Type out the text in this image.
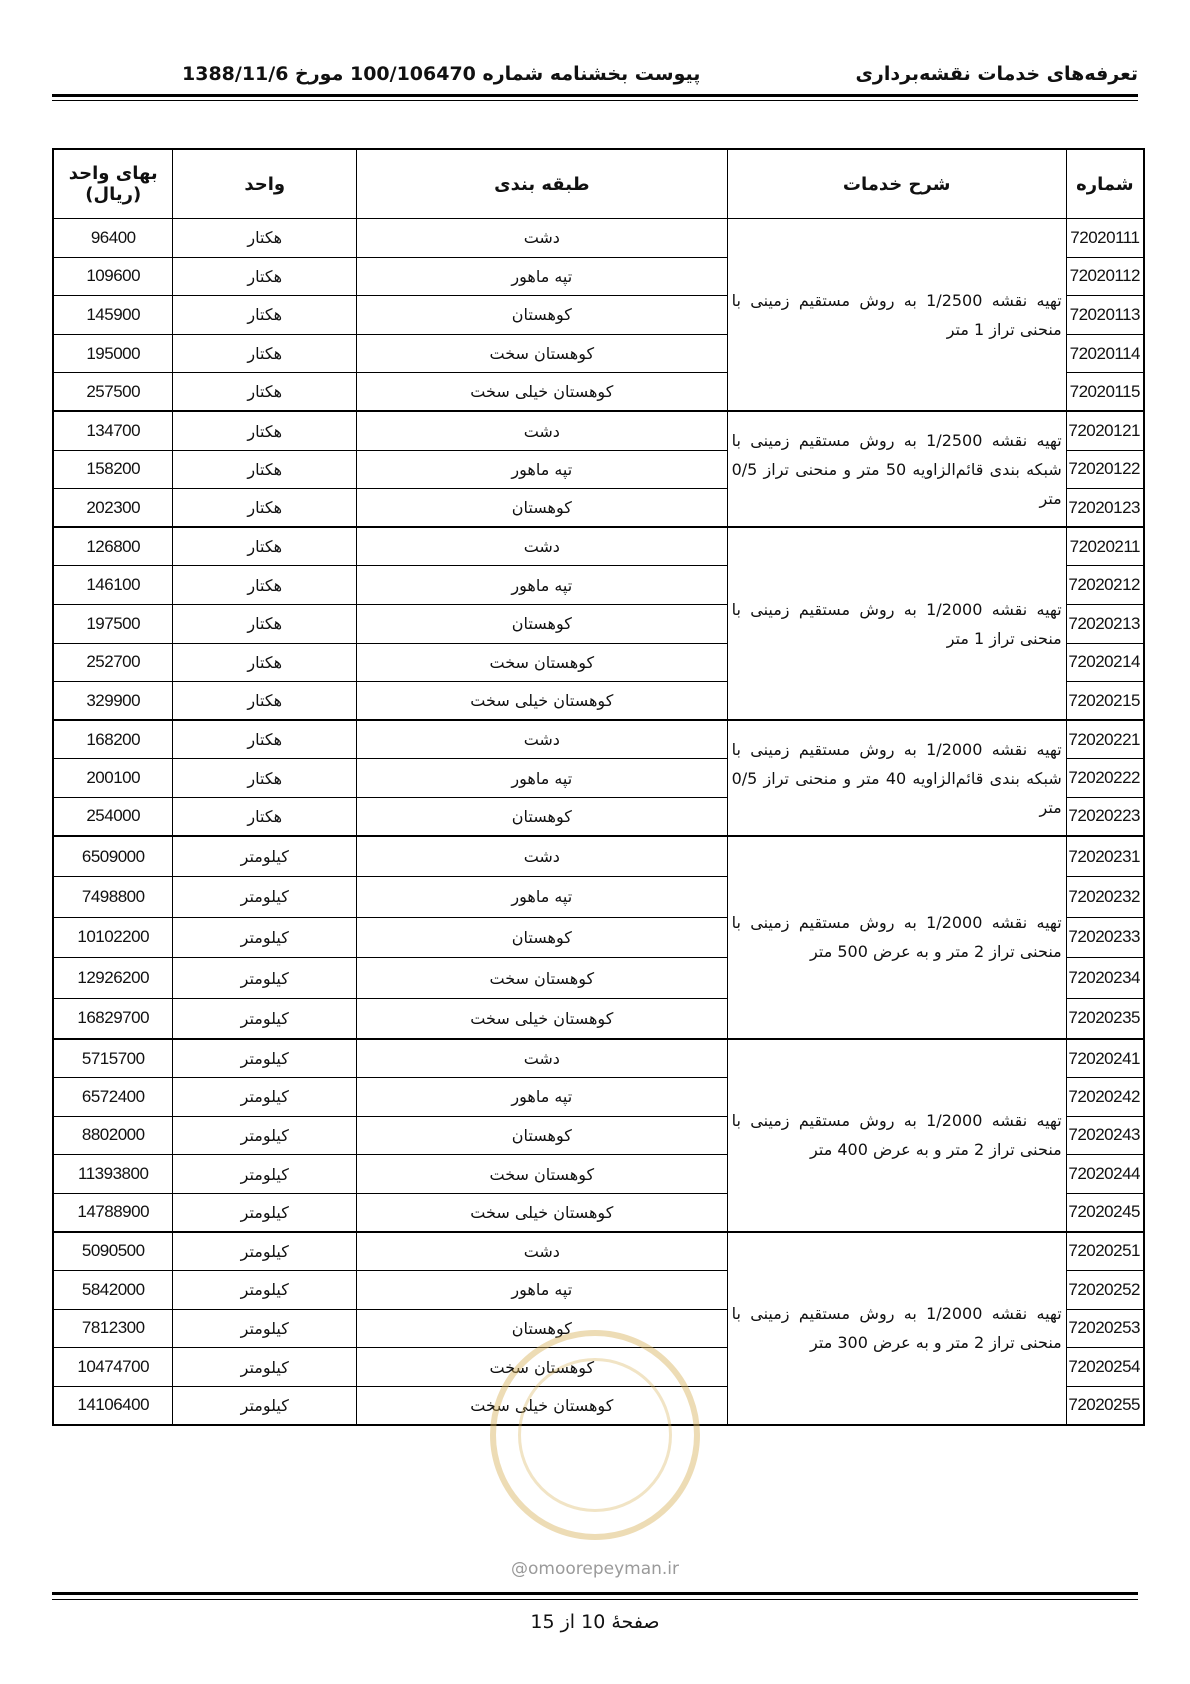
تعرفه‌های خدمات نقشه‌برداری
پیوست بخشنامه شماره 100/106470 مورخ 1388/11/6
شماره	شرح خدمات	طبقه بندی	واحد	بهای واحد
(ریال)

72020111	تهیه نقشه 1/2500 به روش مستقیم زمینی با منحنی تراز 1 متر	دشت	هکتار	96400
72020112		تپه ماهور	هکتار	109600
72020113		کوهستان	هکتار	145900
72020114		کوهستان سخت	هکتار	195000
72020115		کوهستان خیلی سخت	هکتار	257500
72020121	تهیه نقشه 1/2500 به روش مستقیم زمینی با شبکه بندی قائم‌الزاویه 50 متر و منحنی تراز 0/5 متر	دشت	هکتار	134700
72020122		تپه ماهور	هکتار	158200
72020123		کوهستان	هکتار	202300
72020211	تهیه نقشه 1/2000 به روش مستقیم زمینی با منحنی تراز 1 متر	دشت	هکتار	126800
72020212		تپه ماهور	هکتار	146100
72020213		کوهستان	هکتار	197500
72020214		کوهستان سخت	هکتار	252700
72020215		کوهستان خیلی سخت	هکتار	329900
72020221	تهیه نقشه 1/2000 به روش مستقیم زمینی با شبکه بندی قائم‌الزاویه 40 متر و منحنی تراز 0/5 متر	دشت	هکتار	168200
72020222		تپه ماهور	هکتار	200100
72020223		کوهستان	هکتار	254000
72020231	تهیه نقشه 1/2000 به روش مستقیم زمینی با منحنی تراز 2 متر و به عرض 500 متر	دشت	کیلومتر	6509000
72020232		تپه ماهور	کیلومتر	7498800
72020233		کوهستان	کیلومتر	10102200
72020234		کوهستان سخت	کیلومتر	12926200
72020235		کوهستان خیلی سخت	کیلومتر	16829700
72020241	تهیه نقشه 1/2000 به روش مستقیم زمینی با منحنی تراز 2 متر و به عرض 400 متر	دشت	کیلومتر	5715700
72020242		تپه ماهور	کیلومتر	6572400
72020243		کوهستان	کیلومتر	8802000
72020244		کوهستان سخت	کیلومتر	11393800
72020245		کوهستان خیلی سخت	کیلومتر	14788900
72020251	تهیه نقشه 1/2000 به روش مستقیم زمینی با منحنی تراز 2 متر و به عرض 300 متر	دشت	کیلومتر	5090500
72020252		تپه ماهور	کیلومتر	5842000
72020253		کوهستان	کیلومتر	7812300
72020254		کوهستان سخت	کیلومتر	10474700
72020255		کوهستان خیلی سخت	کیلومتر	14106400
@omoorepeyman.ir
صفحهٔ 10 از 15
